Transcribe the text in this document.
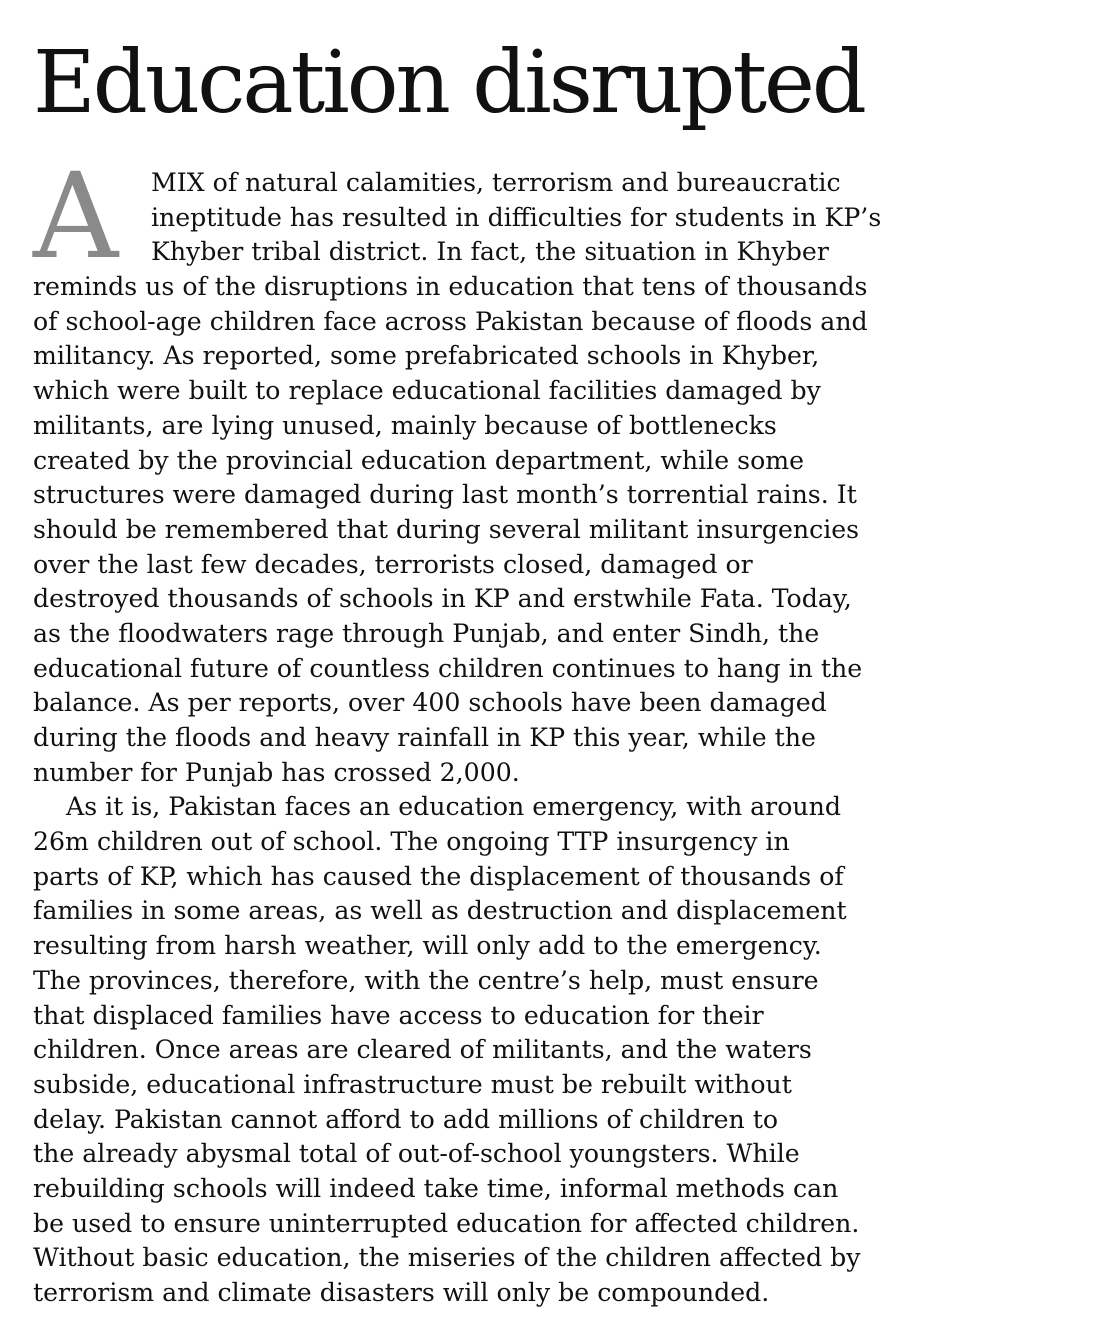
Education disrupted
A	MIX of natural calamities, terrorism and bureaucratic
ineptitude has resulted in difficulties for students in KP’s
Khyber tribal district. In fact, the situation in Khyber
reminds us of the disruptions in education that tens of thousands
of school-age children face across Pakistan because of floods and
militancy. As reported, some prefabricated schools in Khyber,
which were built to replace educational facilities damaged by
militants, are lying unused, mainly because of bottlenecks
created by the provincial education department, while some
structures were damaged during last month’s torrential rains. It
should be remembered that during several militant insurgencies
over the last few decades, terrorists closed, damaged or
destroyed thousands of schools in KP and erstwhile Fata. Today,
as the floodwaters rage through Punjab, and enter Sindh, the
educational future of countless children continues to hang in the
balance. As per reports, over 400 schools have been damaged
during the floods and heavy rainfall in KP this year, while the
number for Punjab has crossed 2,000.
As it is, Pakistan faces an education emergency, with around
26m children out of school. The ongoing TTP insurgency in
parts of KP, which has caused the displacement of thousands of
families in some areas, as well as destruction and displacement
resulting from harsh weather, will only add to the emergency.
The provinces, therefore, with the centre’s help, must ensure
that displaced families have access to education for their
children. Once areas are cleared of militants, and the waters
subside, educational infrastructure must be rebuilt without
delay. Pakistan cannot afford to add millions of children to
the already abysmal total of out-of-school youngsters. While
rebuilding schools will indeed take time, informal methods can
be used to ensure uninterrupted education for affected children.
Without basic education, the miseries of the children affected by
terrorism and climate disasters will only be compounded.
